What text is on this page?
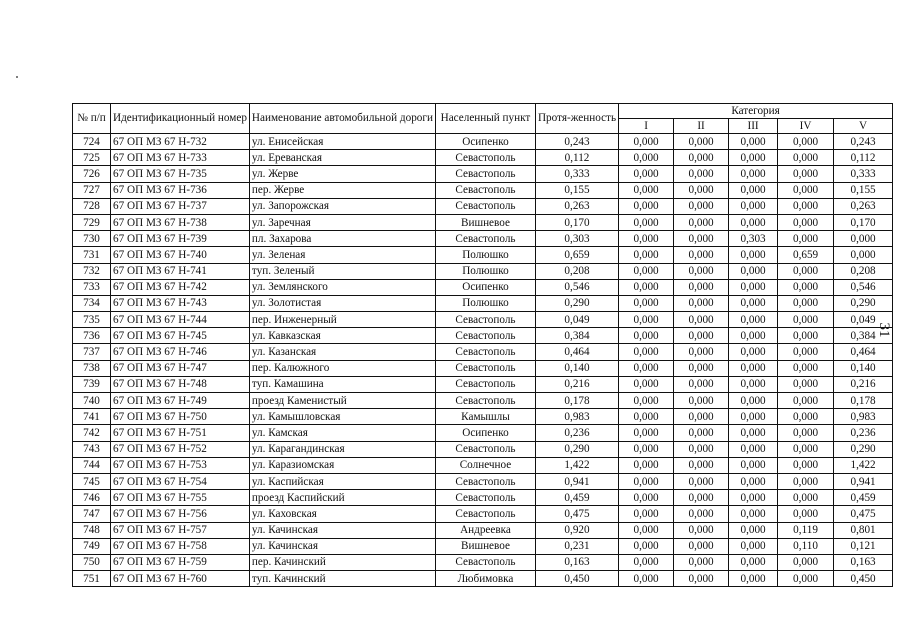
31
№ п/п	Идентификационный номер	Наименование автомобильной дороги	Населенный пункт	Протя-женность	Категория				
					I	II	III	IV	V
724	67 ОП МЗ 67 Н-732	ул. Енисейская	Осипенко	0,243	0,000	0,000	0,000	0,000	0,243
725	67 ОП МЗ 67 Н-733	ул. Ереванская	Севастополь	0,112	0,000	0,000	0,000	0,000	0,112
726	67 ОП МЗ 67 Н-735	ул. Жерве	Севастополь	0,333	0,000	0,000	0,000	0,000	0,333
727	67 ОП МЗ 67 Н-736	пер. Жерве	Севастополь	0,155	0,000	0,000	0,000	0,000	0,155
728	67 ОП МЗ 67 Н-737	ул. Запорожская	Севастополь	0,263	0,000	0,000	0,000	0,000	0,263
729	67 ОП МЗ 67 Н-738	ул. Заречная	Вишневое	0,170	0,000	0,000	0,000	0,000	0,170
730	67 ОП МЗ 67 Н-739	пл. Захарова	Севастополь	0,303	0,000	0,000	0,303	0,000	0,000
731	67 ОП МЗ 67 Н-740	ул. Зеленая	Полюшко	0,659	0,000	0,000	0,000	0,659	0,000
732	67 ОП МЗ 67 Н-741	туп. Зеленый	Полюшко	0,208	0,000	0,000	0,000	0,000	0,208
733	67 ОП МЗ 67 Н-742	ул. Землянского	Осипенко	0,546	0,000	0,000	0,000	0,000	0,546
734	67 ОП МЗ 67 Н-743	ул. Золотистая	Полюшко	0,290	0,000	0,000	0,000	0,000	0,290
735	67 ОП МЗ 67 Н-744	пер. Инженерный	Севастополь	0,049	0,000	0,000	0,000	0,000	0,049
736	67 ОП МЗ 67 Н-745	ул. Кавказская	Севастополь	0,384	0,000	0,000	0,000	0,000	0,384
737	67 ОП МЗ 67 Н-746	ул. Казанская	Севастополь	0,464	0,000	0,000	0,000	0,000	0,464
738	67 ОП МЗ 67 Н-747	пер. Калюжного	Севастополь	0,140	0,000	0,000	0,000	0,000	0,140
739	67 ОП МЗ 67 Н-748	туп. Камашина	Севастополь	0,216	0,000	0,000	0,000	0,000	0,216
740	67 ОП МЗ 67 Н-749	проезд Каменистый	Севастополь	0,178	0,000	0,000	0,000	0,000	0,178
741	67 ОП МЗ 67 Н-750	ул. Камышловская	Камышлы	0,983	0,000	0,000	0,000	0,000	0,983
742	67 ОП МЗ 67 Н-751	ул. Камская	Осипенко	0,236	0,000	0,000	0,000	0,000	0,236
743	67 ОП МЗ 67 Н-752	ул. Карагандинская	Севастополь	0,290	0,000	0,000	0,000	0,000	0,290
744	67 ОП МЗ 67 Н-753	ул. Каразиомская	Солнечное	1,422	0,000	0,000	0,000	0,000	1,422
745	67 ОП МЗ 67 Н-754	ул. Каспийская	Севастополь	0,941	0,000	0,000	0,000	0,000	0,941
746	67 ОП МЗ 67 Н-755	проезд Каспийский	Севастополь	0,459	0,000	0,000	0,000	0,000	0,459
747	67 ОП МЗ 67 Н-756	ул. Каховская	Севастополь	0,475	0,000	0,000	0,000	0,000	0,475
748	67 ОП МЗ 67 Н-757	ул. Качинская	Андреевка	0,920	0,000	0,000	0,000	0,119	0,801
749	67 ОП МЗ 67 Н-758	ул. Качинская	Вишневое	0,231	0,000	0,000	0,000	0,110	0,121
750	67 ОП МЗ 67 Н-759	пер. Качинский	Севастополь	0,163	0,000	0,000	0,000	0,000	0,163
751	67 ОП МЗ 67 Н-760	туп. Качинский	Любимовка	0,450	0,000	0,000	0,000	0,000	0,450
